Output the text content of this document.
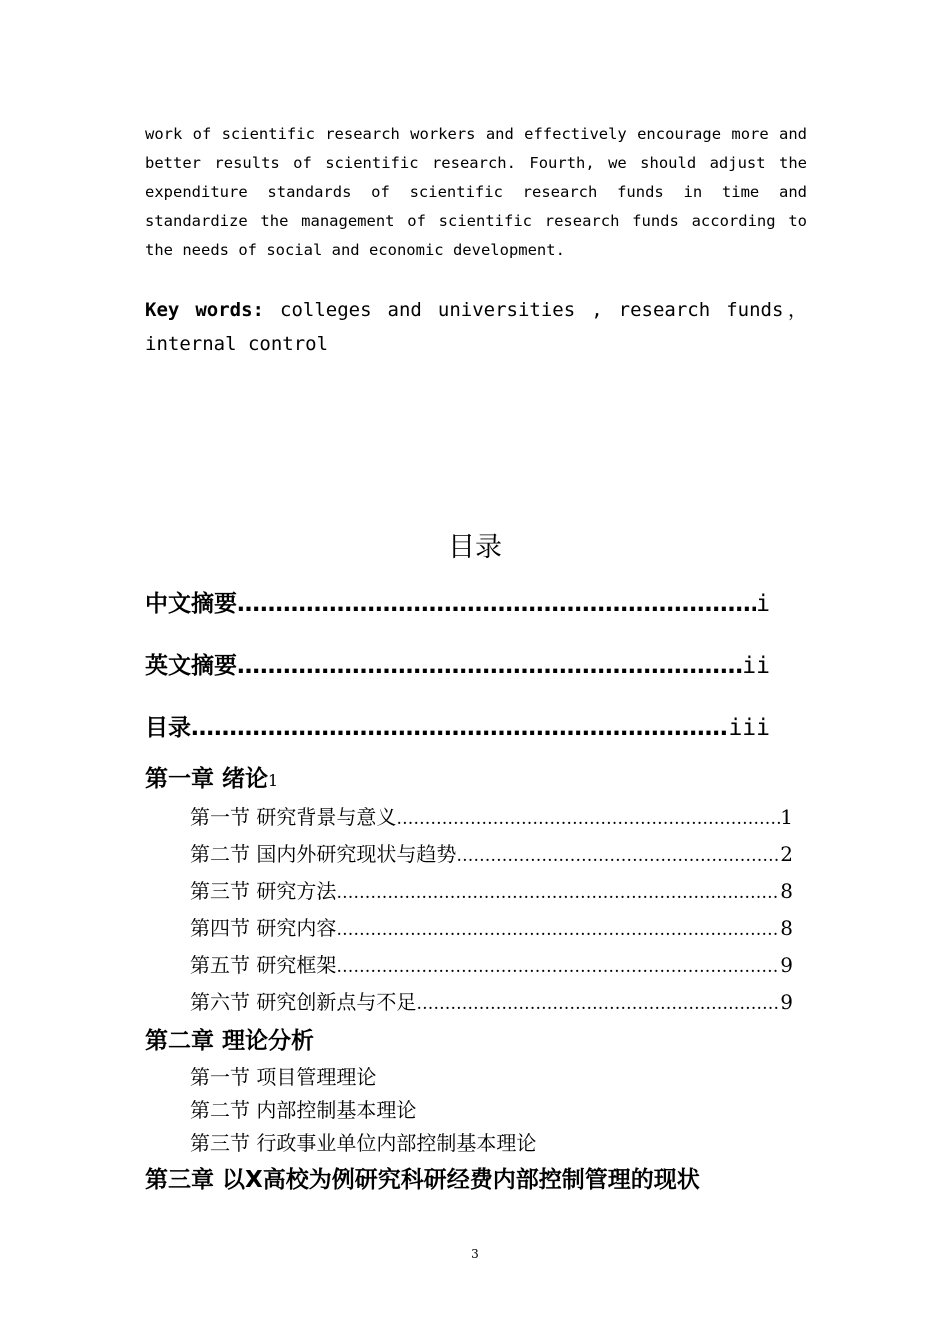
work of scientific research workers and effectively encourage more and better results of scientific research. Fourth, we should adjust the expenditure standards of scientific research funds in time and standardize the management of scientific research funds according to the needs of social and economic development.

Key words: colleges and universities , research funds，internal control

目录
中文摘要 ……………………………………………………………………………………………………………………………………………………………………………………	i
英文摘要 ……………………………………………………………………………………………………………………………………………………………………………………	ii
目录 ……………………………………………………………………………………………………………………………………………………………………………………	iii
第一章 绪论 1
第一节 研究背景与意义 ……………………………………………………………………………………………………………………………………………………………………………………	1
第二节 国内外研究现状与趋势 ……………………………………………………………………………………………………………………………………………………………………………………	2
第三节 研究方法 ……………………………………………………………………………………………………………………………………………………………………………………	8
第四节 研究内容 ……………………………………………………………………………………………………………………………………………………………………………………	8
第五节 研究框架 ……………………………………………………………………………………………………………………………………………………………………………………	9
第六节 研究创新点与不足 ……………………………………………………………………………………………………………………………………………………………………………………	9
第二章 理论分析
第一节 项目管理理论
第二节 内部控制基本理论
第三节 行政事业单位内部控制基本理论
第三章 以X高校为例研究科研经费内部控制管理的现状
3
